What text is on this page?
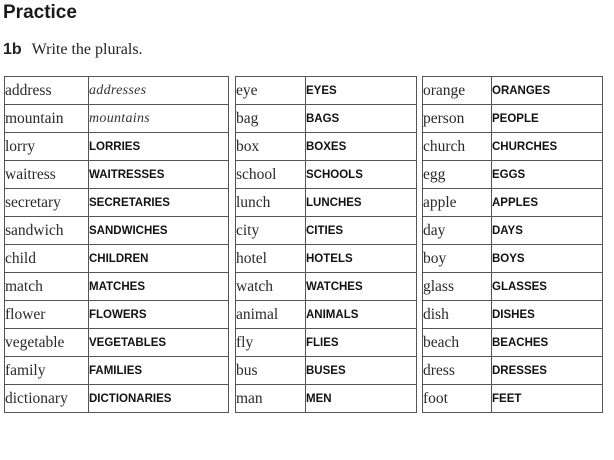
Practice
1b Write the plurals.
address	addresses
mountain	mountains
lorry	LORRIES
waitress	WAITRESSES
secretary	SECRETARIES
sandwich	SANDWICHES
child	CHILDREN
match	MATCHES
flower	FLOWERS
vegetable	VEGETABLES
family	FAMILIES
dictionary	DICTIONARIES
eye	EYES
bag	BAGS
box	BOXES
school	SCHOOLS
lunch	LUNCHES
city	CITIES
hotel	HOTELS
watch	WATCHES
animal	ANIMALS
fly	FLIES
bus	BUSES
man	MEN
orange	ORANGES
person	PEOPLE
church	CHURCHES
egg	EGGS
apple	APPLES
day	DAYS
boy	BOYS
glass	GLASSES
dish	DISHES
beach	BEACHES
dress	DRESSES
foot	FEET
